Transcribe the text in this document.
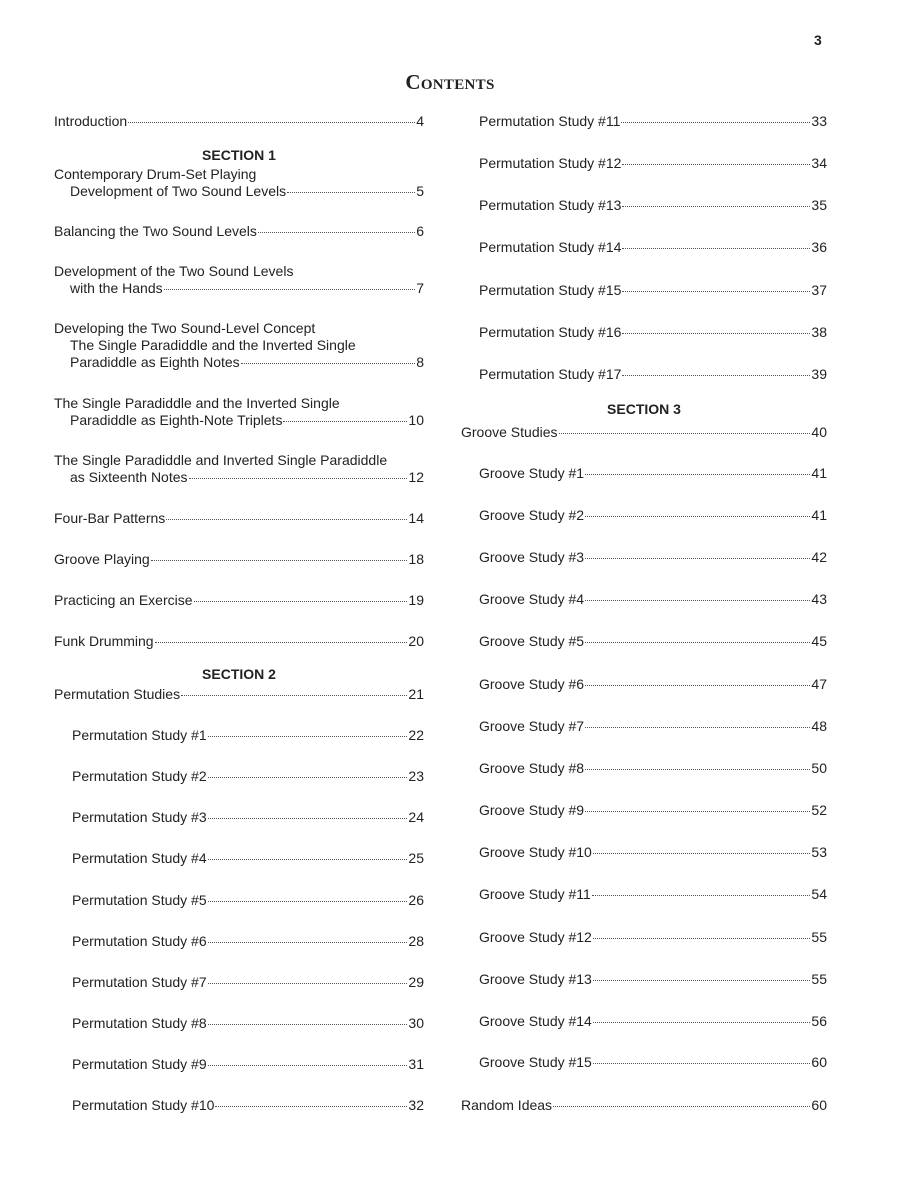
3
Contents
Introduction	4
SECTION 1
Contemporary Drum-Set Playing
Development of Two Sound Levels	5
Balancing the Two Sound Levels	6
Development of the Two Sound Levels
with the Hands	7
Developing the Two Sound-Level Concept
The Single Paradiddle and the Inverted Single
Paradiddle as Eighth Notes	8
The Single Paradiddle and the Inverted Single
Paradiddle as Eighth-Note Triplets	10
The Single Paradiddle and Inverted Single Paradiddle
as Sixteenth Notes	12
Four-Bar Patterns	14
Groove Playing	18
Practicing an Exercise	19
Funk Drumming	20
SECTION 2
Permutation Studies	21
Permutation Study #1	22
Permutation Study #2	23
Permutation Study #3	24
Permutation Study #4	25
Permutation Study #5	26
Permutation Study #6	28
Permutation Study #7	29
Permutation Study #8	30
Permutation Study #9	31
Permutation Study #10	32
Permutation Study #11	33
Permutation Study #12	34
Permutation Study #13	35
Permutation Study #14	36
Permutation Study #15	37
Permutation Study #16	38
Permutation Study #17	39
SECTION 3
Groove Studies	40
Groove Study #1	41
Groove Study #2	41
Groove Study #3	42
Groove Study #4	43
Groove Study #5	45
Groove Study #6	47
Groove Study #7	48
Groove Study #8	50
Groove Study #9	52
Groove Study #10	53
Groove Study #11	54
Groove Study #12	55
Groove Study #13	55
Groove Study #14	56
Groove Study #15	60
Random Ideas	60
